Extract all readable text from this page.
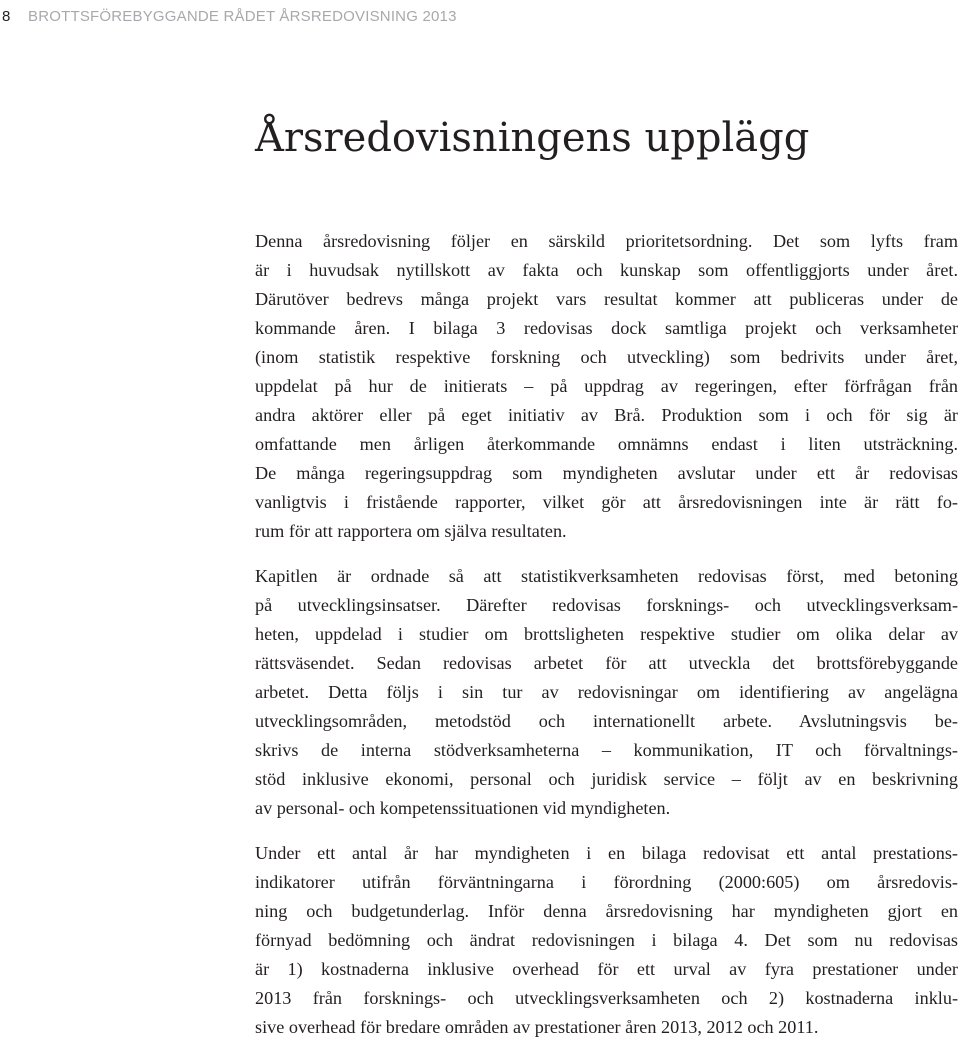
8	BROTTSFÖREBYGGANDE RÅDET ÅRSREDOVISNING 2013
Årsredovisningens upplägg

Denna årsredovisning följer en särskild prioritetsordning. Det som lyfts fram
är i huvudsak nytillskott av fakta och kunskap som offentliggjorts under året.
Därutöver bedrevs många projekt vars resultat kommer att publiceras under de
kommande åren. I bilaga 3 redovisas dock samtliga projekt och verksamheter
(inom statistik respektive forskning och utveckling) som bedrivits under året,
uppdelat på hur de initierats – på uppdrag av regeringen, efter förfrågan från
andra aktörer eller på eget initiativ av Brå. Produktion som i och för sig är
omfattande men årligen återkommande omnämns endast i liten utsträckning.
De många regeringsuppdrag som myndigheten avslutar under ett år redovisas
vanligtvis i fristående rapporter, vilket gör att årsredovisningen inte är rätt fo-
rum för att rapportera om själva resultaten.

Kapitlen är ordnade så att statistikverksamheten redovisas först, med betoning
på utvecklingsinsatser. Därefter redovisas forsknings- och utvecklingsverksam-
heten, uppdelad i studier om brottsligheten respektive studier om olika delar av
rättsväsendet. Sedan redovisas arbetet för att utveckla det brottsförebyggande
arbetet. Detta följs i sin tur av redovisningar om identifiering av angelägna
utvecklingsområden, metodstöd och internationellt arbete. Avslutningsvis be-
skrivs de interna stödverksamheterna – kommunikation, IT och förvaltnings-
stöd inklusive ekonomi, personal och juridisk service – följt av en beskrivning
av personal- och kompetenssituationen vid myndigheten.

Under ett antal år har myndigheten i en bilaga redovisat ett antal prestations-
indikatorer utifrån förväntningarna i förordning (2000:605) om årsredovis-
ning och budgetunderlag. Inför denna årsredovisning har myndigheten gjort en
förnyad bedömning och ändrat redovisningen i bilaga 4. Det som nu redovisas
är 1) kostnaderna inklusive overhead för ett urval av fyra prestationer under
2013 från forsknings- och utvecklingsverksamheten och 2) kostnaderna inklu-
sive overhead för bredare områden av prestationer åren 2013, 2012 och 2011.
